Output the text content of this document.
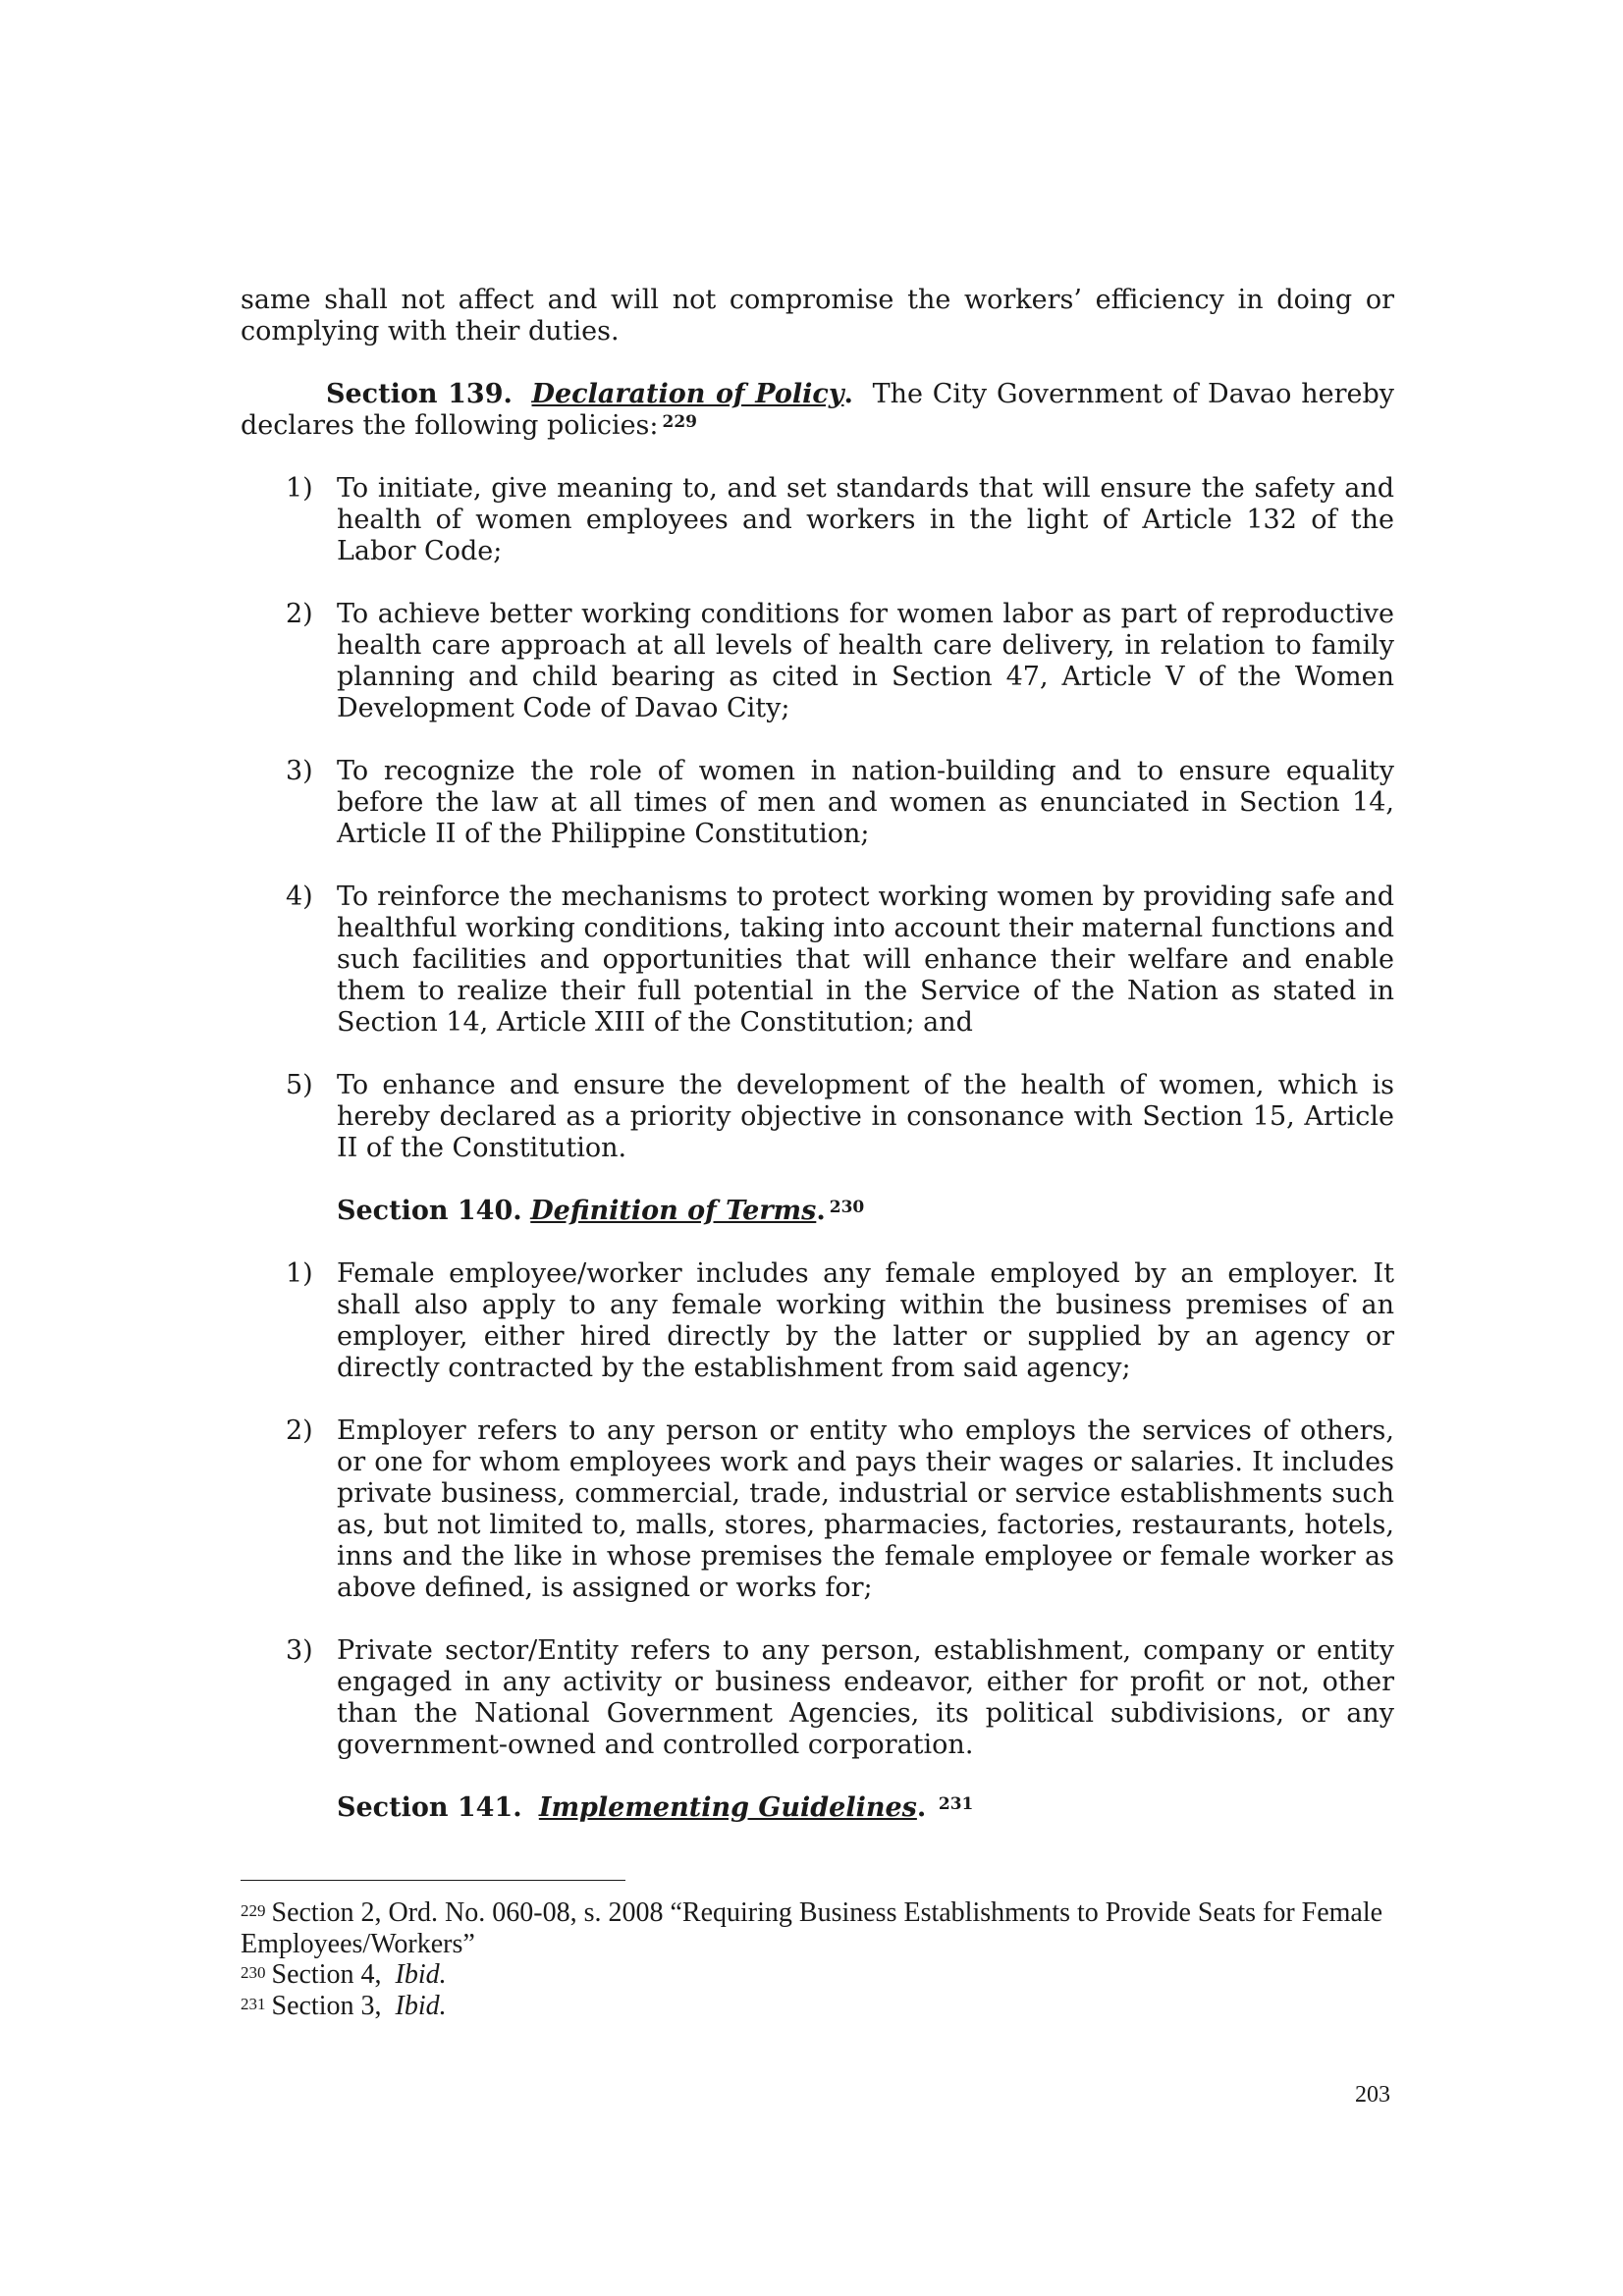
same shall not affect and will not compromise the workers’ efficiency in doing or complying with their duties.

Section 139. Declaration of Policy. The City Government of Davao hereby declares the following policies: $^{229}$

1) To initiate, give meaning to, and set standards that will ensure the safety and health of women employees and workers in the light of Article 132 of the Labor Code;
2) To achieve better working conditions for women labor as part of reproductive health care approach at all levels of health care delivery, in relation to family planning and child bearing as cited in Section 47, Article V of the Women Development Code of Davao City;
3) To recognize the role of women in nation-building and to ensure equality before the law at all times of men and women as enunciated in Section 14, Article II of the Philippine Constitution;
4) To reinforce the mechanisms to protect working women by providing safe and healthful working conditions, taking into account their maternal functions and such facilities and opportunities that will enhance their welfare and enable them to realize their full potential in the Service of the Nation as stated in Section 14, Article XIII of the Constitution; and
5) To enhance and ensure the development of the health of women, which is hereby declared as a priority objective in consonance with Section 15, Article II of the Constitution.

Section 140. Definition of Terms. $^{230}$

1) Female employee/worker includes any female employed by an employer. It shall also apply to any female working within the business premises of an employer, either hired directly by the latter or supplied by an agency or directly contracted by the establishment from said agency;
2) Employer refers to any person or entity who employs the services of others, or one for whom employees work and pays their wages or salaries. It includes private business, commercial, trade, industrial or service establishments such as, but not limited to, malls, stores, pharmacies, factories, restaurants, hotels, inns and the like in whose premises the female employee or female worker as above defined, is assigned or works for;
3) Private sector/Entity refers to any person, establishment, company or entity engaged in any activity or business endeavor, either for profit or not, other than the National Government Agencies, its political subdivisions, or any government-owned and controlled corporation.

Section 141. Implementing Guidelines. $^{231}$

$^{229}$ Section 2, Ord. No. 060-08, s. 2008 “Requiring Business Establishments to Provide Seats for Female Employees/Workers”

$^{230}$ Section 4,  Ibid.

$^{231}$ Section 3,  Ibid.

203
